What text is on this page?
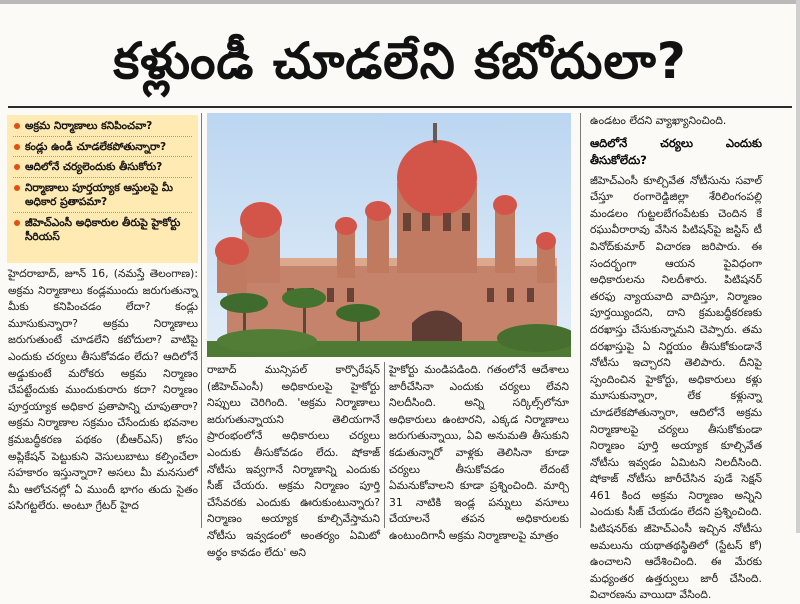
కళ్లుండీ చూడలేని కబోదులా?
అక్రమ నిర్మాణాలు కనిపించవా?
కండ్లు ఉండీ చూడలేకపోతున్నారా?
ఆదిలోనే చర్యలెందుకు తీసుకోరు?
నిర్మాణాలు పూర్తయ్యాక ఆస్తులపై మీ అధికార ప్రతాపమా?
జీహెచ్‌ఎంసీ అధికారుల తీరుపై హైకోర్టు సీరియస్
హైదరాబాద్, జూన్ 16, (నమస్తే తెలంగాణ): అక్రమ నిర్మాణాలు కండ్లముందు జరుగుతున్నా మీకు కనిపించడం లేదా? కండ్లు మూసుకున్నారా? అక్రమ నిర్మాణాలు జరుగుతుంటే చూడలేని కబోదులా? వాటిపై ఎందుకు చర్యలు తీసుకోవడం లేదు? ఆదిలోనే అడ్డుకుంటే మరోకరు అక్రమ నిర్మాణం చేపట్టేందుకు ముందుకురారు కదా? నిర్మాణం పూర్తయ్యాక అధికార ప్రతాపాన్ని చూపుతారా? అక్రమ నిర్మాణాల సక్రమం చేసేందుకు భవనాల క్రమబద్ధీకరణ పథకం (బీఆర్ఎస్) కోసం అప్లికేషన్ పెట్టుకుని వెసులుబాటు కల్పించేలా సహకారం ఇస్తున్నారా? అసలు మీ మనసులో మీ ఆలోచనల్లో ఏ ముందీ భాగం తుదు సైతం పసిగట్టలేరు. అంటూ గ్రేటర్ హైద
రాబాద్ మున్సిపల్ కార్పొరేషన్ (జీహెచ్‌ఎంసీ) అధికారులపై హైకోర్టు నిప్పులు చెరిగింది. 'అక్రమ నిర్మాణాలు జరుగుతున్నాయని తెలియగానే ప్రారంభంలోనే అధికారులు చర్యలు ఎందుకు తీసుకోవడం లేదు. షోకాజ్ నోటీసు ఇవ్వగానే నిర్మాణాన్ని ఎందుకు సీజ్ చేయరు. అక్రమ నిర్మాణం పూర్తి చేసేవరకు ఎందుకు ఊరుకుంటున్నారు? నిర్మాణం అయ్యాక కూల్చివేస్తామని నోటీసు ఇవ్వడంలో అంతర్యం ఏమిటో అర్థం కావడం లేదు' అని
హైకోర్టు మండిపడింది. గతంలోనే ఆదేశాలు జారీచేసినా ఎందుకు చర్యలు లేవని నిలదీసింది. అన్ని సర్కిల్స్‌లోనూ అధికారులు ఉంటారని, ఎక్కడ నిర్మాణాలు జరుగుతున్నాయి, ఏవి అనుమతి తీసుకుని కడుతున్నారో వాళ్లకు తెలిసినా కూడా చర్యలు తీసుకోవడం లేదంటే ఏమనుకోవాలని కూడా ప్రశ్నించింది. మార్చి 31 నాటికి ఇండ్ల పన్నులు వసూలు చేయాలనే తపన అధికారులకు ఉంటుందిగానీ అక్రమ నిర్మాణాలపై మాత్రం

ఉండటం లేదని వ్యాఖ్యానించింది.

ఆదిలోనే చర్యలు ఎందుకు తీసుకోలేదు?

జీహెచ్‌ఎంసీ కూల్చివేత నోటీసును సవాల్ చేస్తూ రంగారెడ్డిజిల్లా శేరిలింగంపల్లి మండలం గుట్టలబేగంపేటకు చెందిన కే రఘువీరారావు వేసిన పిటిషన్‌పై జస్టిస్ టీ వినోద్‌కుమార్ విచారణ జరిపారు. ఈ సందర్భంగా ఆయన పైవిధంగా అధికారులను నిలదీశారు. పిటిషనర్ తరఫు న్యాయవాది వాదిస్తూ, నిర్మాణం పూర్తయ్యిందని, దాని క్రమబద్ధీకరణకు దరఖాస్తు చేసుకున్నామని చెప్పారు. తమ దరఖాస్తుపై ఏ నిర్ణయం తీసుకోకుండానే నోటీసు ఇచ్చారని తెలిపారు. దీనిపై స్పందించిన హైకోర్టు, అధికారులు కళ్లు మూసుకున్నారా, లేక కళ్లున్నా చూడలేకపోతున్నారా, ఆదిలోనే అక్రమ నిర్మాణాలపై చర్యలు తీసుకోకుండా నిర్మాణం పూర్తి అయ్యాక కూల్చివేత నోటీసు ఇవ్వడం ఏమిటని నిలదీసింది. షోకాజ్ నోటీసు జారీచేసిన పుడే సెక్షన్ 461 కింద అక్రమ నిర్మాణం అన్నిని ఎందుకు సీజ్ చేయడం లేదని ప్రశ్నించింది. పిటిషనర్‌కు జీహెచ్‌ఎంసీ ఇచ్చిన నోటీసు అమలును యథాతథస్థితిలో (స్టేటస్ కో) ఉంచాలని ఆదేశించింది. ఈ మేరకు మధ్యంతర ఉత్తర్వులు జారీ చేసింది. విచారణను వాయిదా వేసింది.
